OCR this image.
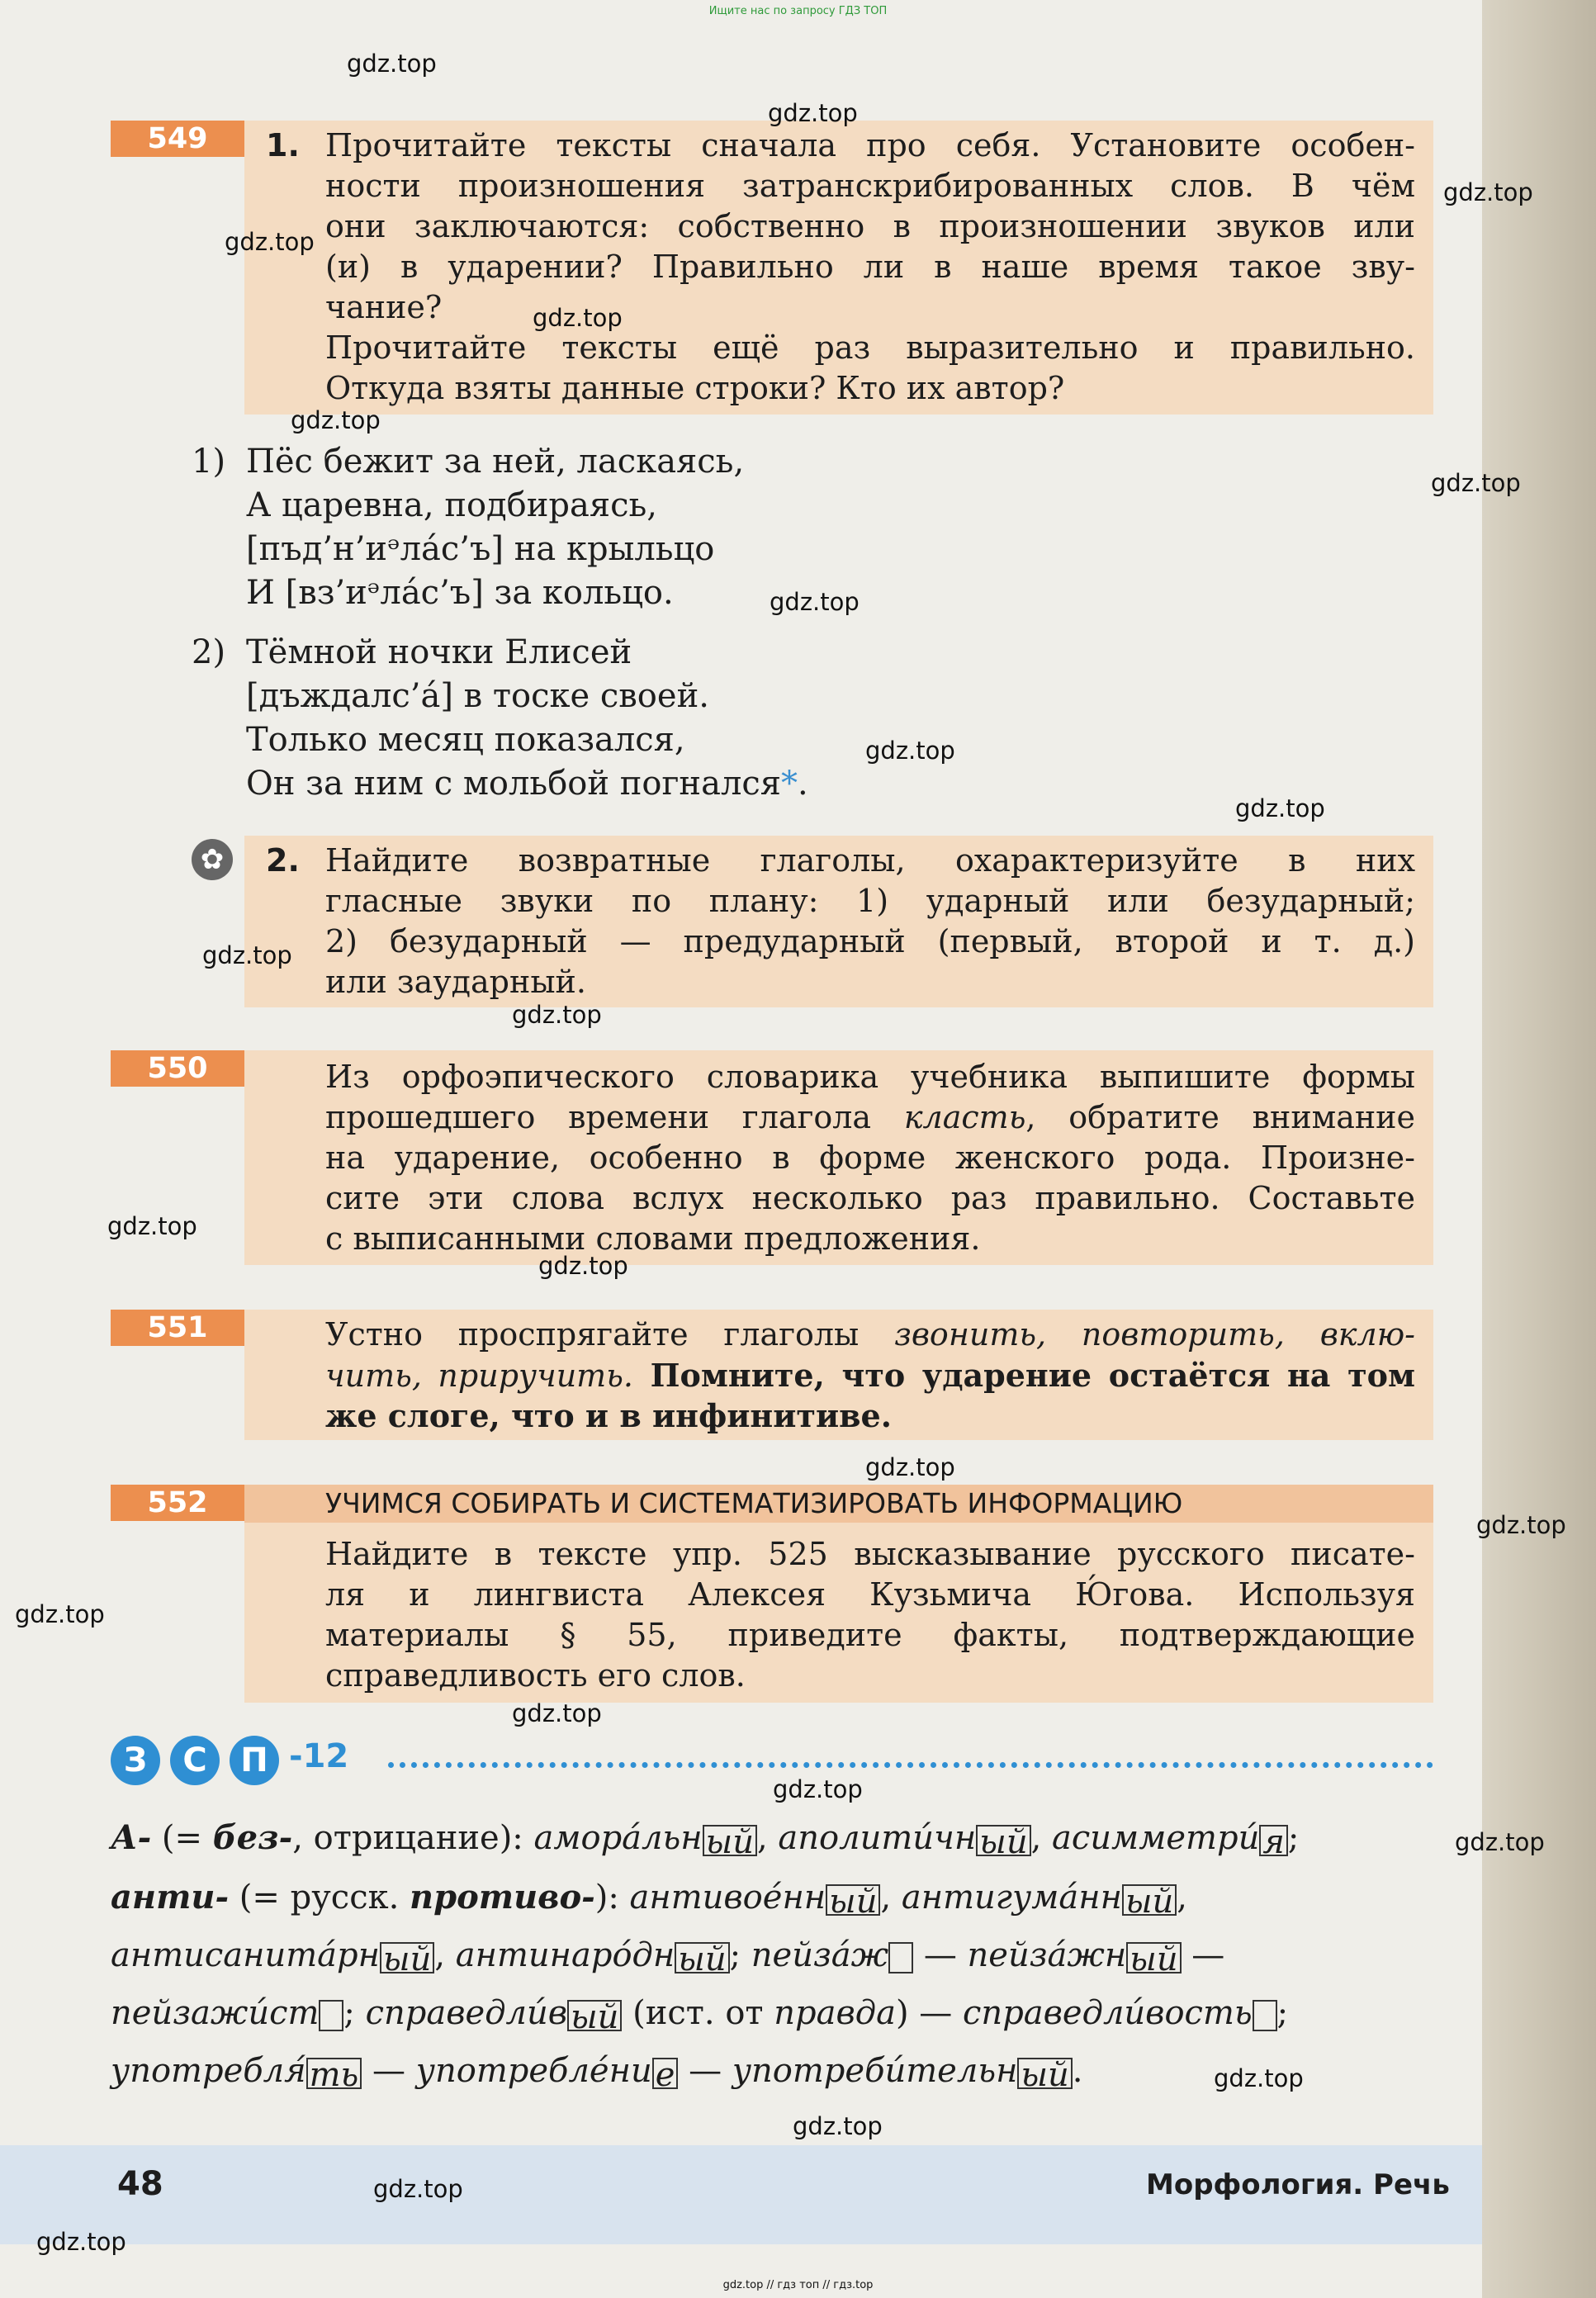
Ищите нас по запросу ГДЗ ТОП
549	1. Прочитайте тексты сначала про себя. Установите особен-
ности произношения затранскрибированных слов. В чём
они заключаются: собственно в произношении звуков или
(и) в ударении? Правильно ли в наше время такое зву-
чание?
Прочитайте тексты ещё раз выразительно и правильно.
Откуда взяты данные строки? Кто их автор?
1) Пёс бежит за ней, ласкаясь,
А царевна, подбираясь,
[пъд’н’иᵊла́с’ъ] на крыльцо
И [вз’иᵊла́с’ъ] за кольцо.
2) Тёмной ночки Елисей
[дъждалс’а́] в тоске своей.
Только месяц показался,
Он за ним с мольбой погнался*.
✿ 2. Найдите возвратные глаголы, охарактеризуйте в них
гласные звуки по плану: 1) ударный или безударный;
2) безударный — предударный (первый, второй и т. д.)
или заударный.
550	Из орфоэпического словарика учебника выпишите формы
прошедшего времени глагола класть, обратите внимание
на ударение, особенно в форме женского рода. Произне-
сите эти слова вслух несколько раз правильно. Составьте
с выписанными словами предложения.
551	Устно проспрягайте глаголы звонить, повторить, вклю-
чить, приручить. Помните, что ударение остаётся на том
же слоге, что и в инфинитиве.
552	УЧИМСЯ СОБИРАТЬ И СИСТЕМАТИЗИРОВАТЬ ИНФОРМАЦИЮ
Найдите в тексте упр. 525 высказывание русского писате-
ля и лингвиста Алексея Кузьмича Ю́гова. Используя
материалы § 55, приведите факты, подтверждающие
справедливость его слов.
З	С	П -12
А- (= без-, отрицание): амора́льн ый , аполити́чн ый , асимметри́ я ;
анти- (= русск. противо-): антивое́нн ый , антигума́нн ый ,
антисанита́рн ый , антинаро́дн ый ; пейза́ж — пейза́жн ый —
пейзажи́ст ; справедли́в ый (ист. от правда) — справедли́вость ;
употребля́ ть — употребле́ни е — употреби́тельн ый .
48	Морфология. Речь
gdz.top // гдз топ // гдз.top
gdz.top
gdz.top
gdz.top
gdz.top
gdz.top
gdz.top
gdz.top
gdz.top
gdz.top
gdz.top
gdz.top
gdz.top
gdz.top
gdz.top
gdz.top
gdz.top
gdz.top
gdz.top
gdz.top
gdz.top
gdz.top
gdz.top
gdz.top
gdz.top
